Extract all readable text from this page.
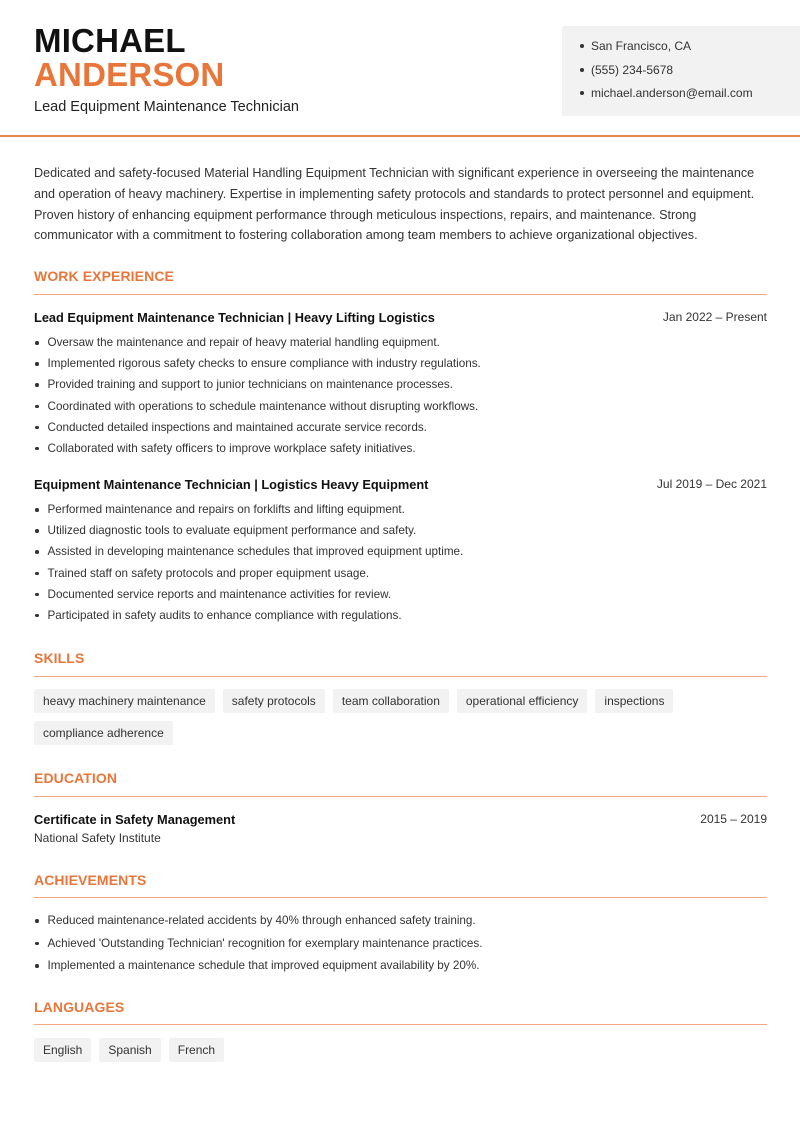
MICHAEL
ANDERSON
Lead Equipment Maintenance Technician
San Francisco, CA
(555) 234-5678
michael.anderson@email.com

Dedicated and safety-focused Material Handling Equipment Technician with significant experience in overseeing the maintenance and operation of heavy machinery. Expertise in implementing safety protocols and standards to protect personnel and equipment. Proven history of enhancing equipment performance through meticulous inspections, repairs, and maintenance. Strong communicator with a commitment to fostering collaboration among team members to achieve organizational objectives.

WORK EXPERIENCE
Lead Equipment Maintenance Technician | Heavy Lifting Logistics	Jan 2022 – Present
Oversaw the maintenance and repair of heavy material handling equipment.
Implemented rigorous safety checks to ensure compliance with industry regulations.
Provided training and support to junior technicians on maintenance processes.
Coordinated with operations to schedule maintenance without disrupting workflows.
Conducted detailed inspections and maintained accurate service records.
Collaborated with safety officers to improve workplace safety initiatives.
Equipment Maintenance Technician | Logistics Heavy Equipment	Jul 2019 – Dec 2021
Performed maintenance and repairs on forklifts and lifting equipment.
Utilized diagnostic tools to evaluate equipment performance and safety.
Assisted in developing maintenance schedules that improved equipment uptime.
Trained staff on safety protocols and proper equipment usage.
Documented service reports and maintenance activities for review.
Participated in safety audits to enhance compliance with regulations.
SKILLS
heavy machinery maintenance	safety protocols	team collaboration	operational efficiency	inspections
compliance adherence
EDUCATION
Certificate in Safety Management	2015 – 2019
National Safety Institute
ACHIEVEMENTS
Reduced maintenance-related accidents by 40% through enhanced safety training.
Achieved 'Outstanding Technician' recognition for exemplary maintenance practices.
Implemented a maintenance schedule that improved equipment availability by 20%.
LANGUAGES
English	Spanish	French
